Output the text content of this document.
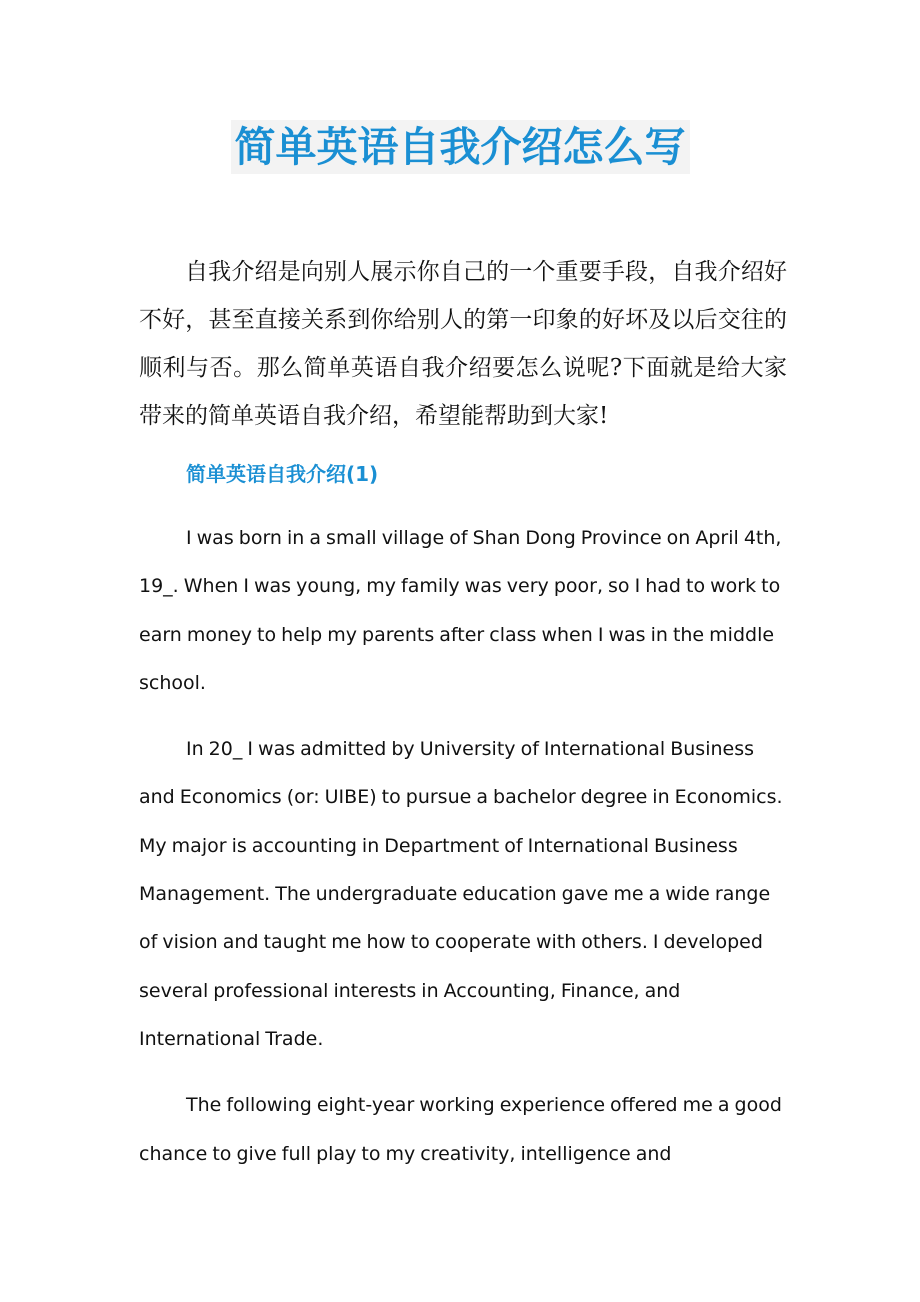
简单英语自我介绍怎么写

自我介绍是向别人展示你自己的一个重要手段，自我介绍好不好，甚至直接关系到你给别人的第一印象的好坏及以后交往的顺利与否。那么简单英语自我介绍要怎么说呢?下面就是给大家带来的简单英语自我介绍，希望能帮助到大家!

简单英语自我介绍(1)

I was born in a small village of Shan Dong Province on April 4th, 19_. When I was young, my family was very poor, so I had to work to earn money to help my parents after class when I was in the middle school.

In 20_ I was admitted by University of International Business and Economics (or: UIBE) to pursue a bachelor degree in Economics. My major is accounting in Department of International Business Management. The undergraduate education gave me a wide range of vision and taught me how to cooperate with others. I developed several professional interests in Accounting, Finance, and International Trade.

The following eight-year working experience offered me a good chance to give full play to my creativity, intelligence and
